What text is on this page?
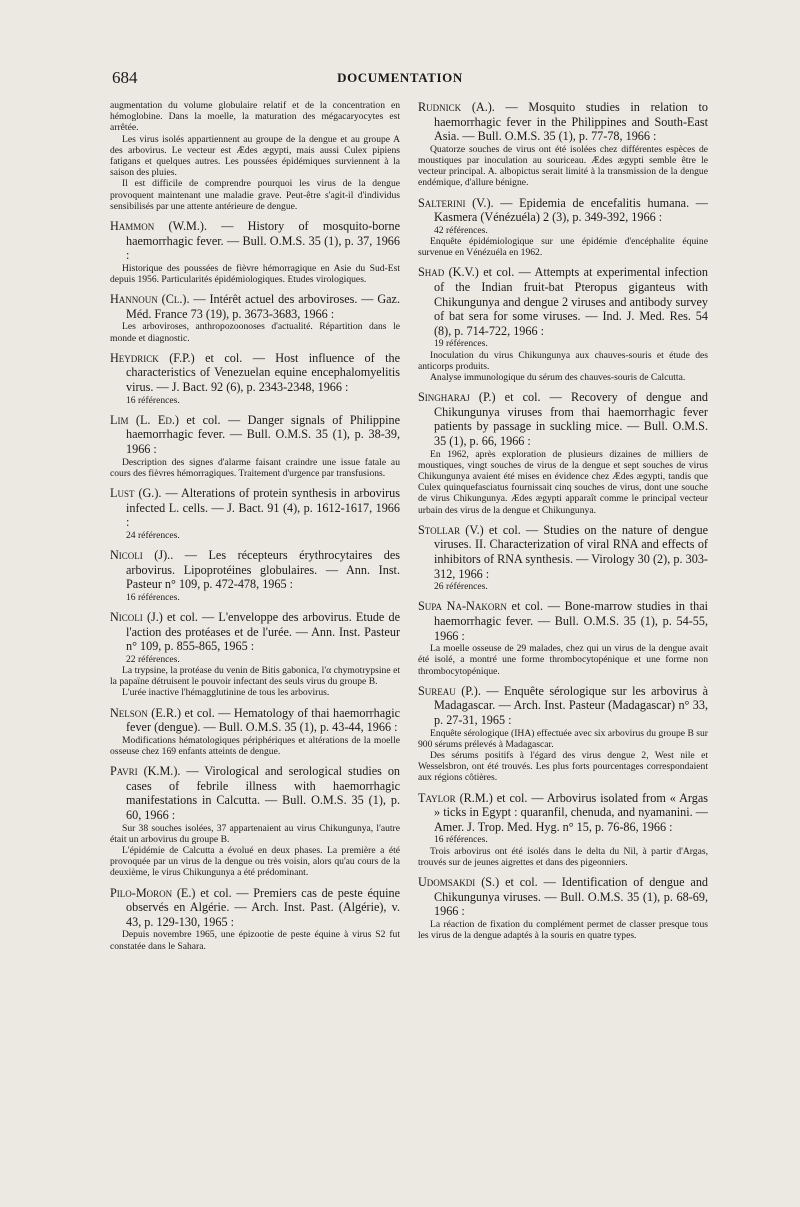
684	DOCUMENTATION

augmentation du volume globulaire relatif et de la concentration en hémoglobine. Dans la moelle, la maturation des mégacaryocytes est arrêtée.

Les virus isolés appartiennent au groupe de la dengue et au groupe A des arbovirus. Le vecteur est Ædes ægypti, mais aussi Culex pipiens fatigans et quelques autres. Les poussées épidémiques surviennent à la saison des pluies.

Il est difficile de comprendre pourquoi les virus de la dengue provoquent maintenant une maladie grave. Peut-être s'agit-il d'individus sensibilisés par une attente antérieure de dengue.

Hammon (W.M.). — History of mosquito-borne haemorrhagic fever. — Bull. O.M.S. 35 (1), p. 37, 1966 :

Historique des poussées de fièvre hémorragique en Asie du Sud-Est depuis 1956. Particularités épidémiologiques. Etudes virologiques.

Hannoun (Cl.). — Intérêt actuel des arboviroses. — Gaz. Méd. France 73 (19), p. 3673-3683, 1966 :

Les arboviroses, anthropozoonoses d'actualité. Répartition dans le monde et diagnostic.

Heydrick (F.P.) et col. — Host influence of the characteristics of Venezuelan equine encephalomyelitis virus. — J. Bact. 92 (6), p. 2343-2348, 1966 :

16 références.

Lim (L. Ed.) et col. — Danger signals of Philippine haemorrhagic fever. — Bull. O.M.S. 35 (1), p. 38-39, 1966 :

Description des signes d'alarme faisant craindre une issue fatale au cours des fièvres hémorragiques. Traitement d'urgence par transfusions.

Lust (G.). — Alterations of protein synthesis in arbovirus infected L. cells. — J. Bact. 91 (4), p. 1612-1617, 1966 :

24 références.

Nicoli (J).. — Les récepteurs érythrocytaires des arbovirus. Lipoprotéines globulaires. — Ann. Inst. Pasteur n° 109, p. 472-478, 1965 :

16 références.

Nicoli (J.) et col. — L'enveloppe des arbovirus. Etude de l'action des protéases et de l'urée. — Ann. Inst. Pasteur n° 109, p. 855-865, 1965 :

22 références.

La trypsine, la protéase du venin de Bitis gabonica, l'α chymotrypsine et la papaïne détruisent le pouvoir infectant des seuls virus du groupe B.

L'urée inactive l'hémagglutinine de tous les arbovirus.

Nelson (E.R.) et col. — Hematology of thai haemorrhagic fever (dengue). — Bull. O.M.S. 35 (1), p. 43-44, 1966 :

Modifications hématologiques périphériques et altérations de la moelle osseuse chez 169 enfants atteints de dengue.

Pavri (K.M.). — Virological and serological studies on cases of febrile illness with haemorrhagic manifestations in Calcutta. — Bull. O.M.S. 35 (1), p. 60, 1966 :

Sur 38 souches isolées, 37 appartenaient au virus Chikungunya, l'autre était un arbovirus du groupe B.

L'épidémie de Calcutta a évolué en deux phases. La première a été provoquée par un virus de la dengue ou très voisin, alors qu'au cours de la deuxième, le virus Chikungunya a été prédominant.

Pilo-Moron (E.) et col. — Premiers cas de peste équine observés en Algérie. — Arch. Inst. Past. (Algérie), v. 43, p. 129-130, 1965 :

Depuis novembre 1965, une épizootie de peste équine à virus S2 fut constatée dans le Sahara.

Rudnick (A.). — Mosquito studies in relation to haemorrhagic fever in the Philippines and South-East Asia. — Bull. O.M.S. 35 (1), p. 77-78, 1966 :

Quatorze souches de virus ont été isolées chez différentes espèces de moustiques par inoculation au souriceau. Ædes ægypti semble être le vecteur principal. A. albopictus serait limité à la transmission de la dengue endémique, d'allure bénigne.

Salterini (V.). — Epidemia de encefalitis humana. — Kasmera (Vénézuéla) 2 (3), p. 349-392, 1966 :

42 références.

Enquête épidémiologique sur une épidémie d'encéphalite équine survenue en Vénézuéla en 1962.

Shad (K.V.) et col. — Attempts at experimental infection of the Indian fruit-bat Pteropus giganteus with Chikungunya and dengue 2 viruses and antibody survey of bat sera for some viruses. — Ind. J. Med. Res. 54 (8), p. 714-722, 1966 :

19 références.

Inoculation du virus Chikungunya aux chauves-souris et étude des anticorps produits.

Analyse immunologique du sérum des chauves-souris de Calcutta.

Singharaj (P.) et col. — Recovery of dengue and Chikungunya viruses from thai haemorrhagic fever patients by passage in suckling mice. — Bull. O.M.S. 35 (1), p. 66, 1966 :

En 1962, après exploration de plusieurs dizaines de milliers de moustiques, vingt souches de virus de la dengue et sept souches de virus Chikungunya avaient été mises en évidence chez Ædes ægypti, tandis que Culex quinquefasciatus fournissait cinq souches de virus, dont une souche de virus Chikungunya. Ædes ægypti apparaît comme le principal vecteur urbain des virus de la dengue et Chikungunya.

Stollar (V.) et col. — Studies on the nature of dengue viruses. II. Characterization of viral RNA and effects of inhibitors of RNA synthesis. — Virology 30 (2), p. 303-312, 1966 :

26 références.

Supa Na-Nakorn et col. — Bone-marrow studies in thai haemorrhagic fever. — Bull. O.M.S. 35 (1), p. 54-55, 1966 :

La moelle osseuse de 29 malades, chez qui un virus de la dengue avait été isolé, a montré une forme thrombocytopénique et une forme non thrombocytopénique.

Sureau (P.). — Enquête sérologique sur les arbovirus à Madagascar. — Arch. Inst. Pasteur (Madagascar) n° 33, p. 27-31, 1965 :

Enquête sérologique (IHA) effectuée avec six arbovirus du groupe B sur 900 sérums prélevés à Madagascar.

Des sérums positifs à l'égard des virus dengue 2, West nile et Wesselsbron, ont été trouvés. Les plus forts pourcentages correspondaient aux régions côtières.

Taylor (R.M.) et col. — Arbovirus isolated from « Argas » ticks in Egypt : quaranfil, chenuda, and nyamanini. — Amer. J. Trop. Med. Hyg. n° 15, p. 76-86, 1966 :

16 références.

Trois arbovirus ont été isolés dans le delta du Nil, à partir d'Argas, trouvés sur de jeunes aigrettes et dans des pigeonniers.

Udomsakdi (S.) et col. — Identification of dengue and Chikungunya viruses. — Bull. O.M.S. 35 (1), p. 68-69, 1966 :

La réaction de fixation du complément permet de classer presque tous les virus de la dengue adaptés à la souris en quatre types.
